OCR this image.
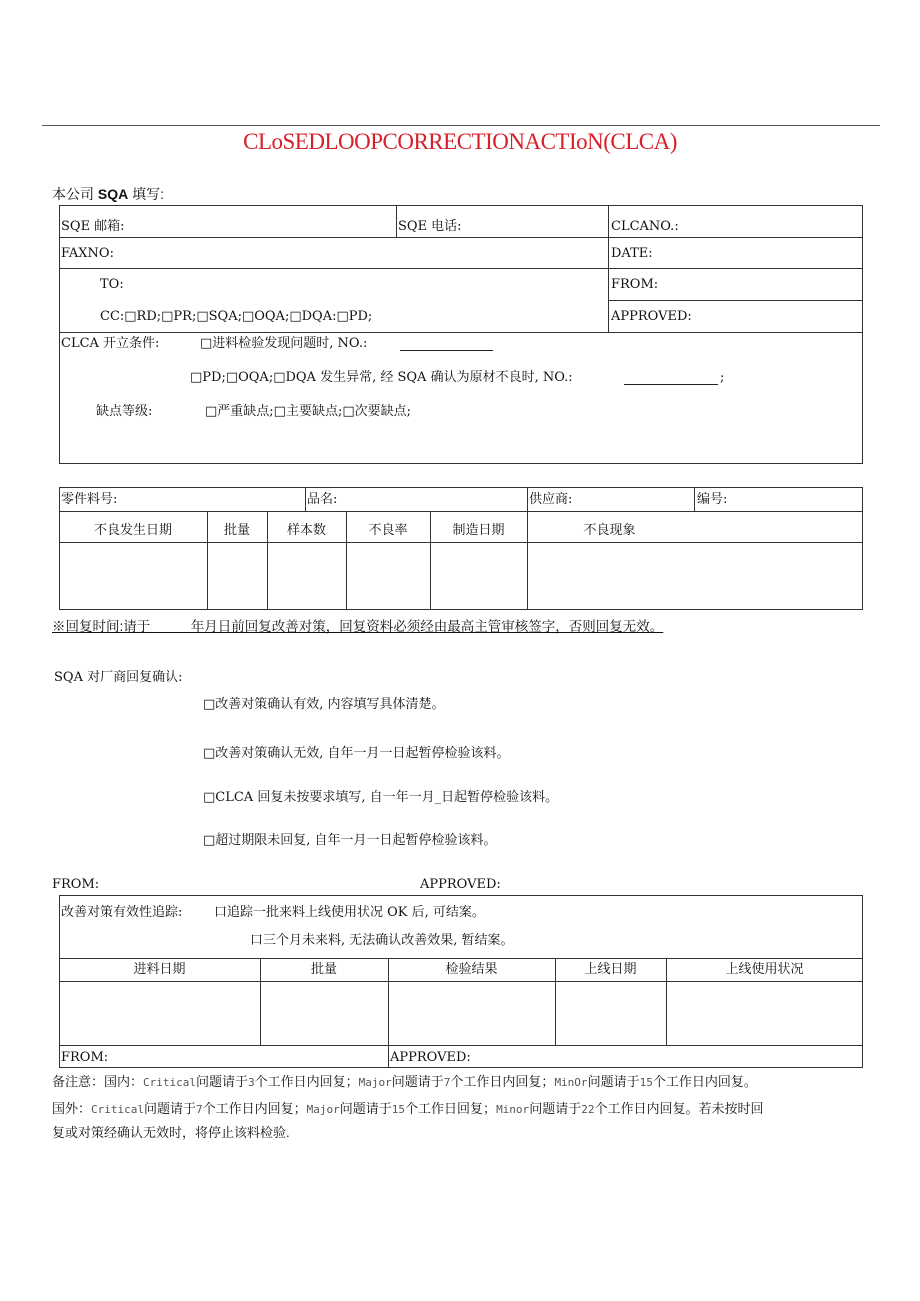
CLoSEDLOOPCORRECTIONACTIoN(CLCA)
本公司 SQA 填写:
SQE 邮箱:	SQE 电话:	CLCANO.:
FAXNO:	DATE:
TO:	FROM:
CC:□RD;□PR;□SQA;□OQA;□DQA:□PD;	APPROVED:
CLCA 开立条件:	□进料检验发现问题时, NO.:
□PD;□OQA;□DQA 发生异常, 经 SQA 确认为原材不良时, NO.:	;
缺点等级:	□严重缺点;□主要缺点;□次要缺点;
零件料号:	品名:	供应商:	编号:
不良发生日期	批量	样本数	不良率	制造日期	不良现象
※回复时间:请于　　　年月日前回复改善对策，回复资料必须经由最高主管审核签字，否则回复无效。
SQA 对厂商回复确认:
□改善对策确认有效, 内容填写具体清楚。
□改善对策确认无效, 自年一月一日起暂停检验该料。
□CLCA 回复未按要求填写, 自一年一月_日起暂停检验该料。
□超过期限未回复, 自年一月一日起暂停检验该料。
FROM:	APPROVED:
改善对策有效性追踪: 口追踪一批来料上线使用状况 OK 后, 可结案。
口三个月未来料, 无法确认改善效果, 暂结案。
进料日期	批量	检验结果	上线日期	上线使用状况
FROM:	APPROVED:
备注意：国内：Critical问题请于3个工作日内回复；Major问题请于7个工作日内回复；MinOr问题请于15个工作日内回复。
国外：Critical问题请于7个工作日内回复；Major问题请于15个工作日回复；Minor问题请于22个工作日内回复。若未按时回
复或对策经确认无效时，将停止该料检验.
